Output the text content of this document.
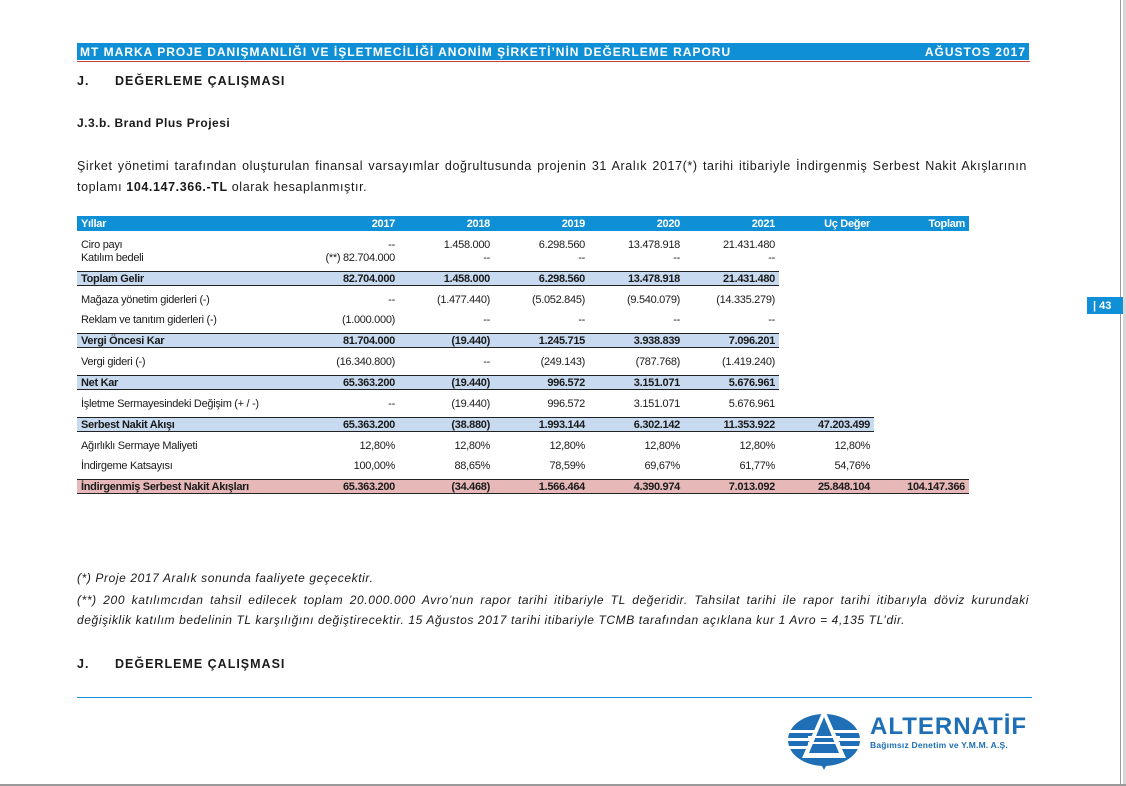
MT MARKA PROJE DANIŞMANLIĞI VE İŞLETMECİLİĞİ ANONİM ŞİRKETİ’NİN DEĞERLEME RAPORU	AĞUSTOS 2017
J. DEĞERLEME ÇALIŞMASI
J.3.b. Brand Plus Projesi
Şirket yönetimi tarafından oluşturulan finansal varsayımlar doğrultusunda projenin 31 Aralık 2017(*) tarihi itibariyle İndirgenmiş Serbest Nakit Akışlarının toplamı 104.147.366.-TL olarak hesaplanmıştır.
Yıllar	2017	2018	2019	2020	2021	Uç Değer	Toplam

Ciro payı	--	1.458.000	6.298.560	13.478.918	21.431.480		
Katılım bedeli	(**) 82.704.000	--	--	--	--		

Toplam Gelir	82.704.000	1.458.000	6.298.560	13.478.918	21.431.480		

Mağaza yönetim giderleri (-)	--	(1.477.440)	(5.052.845)	(9.540.079)	(14.335.279)		

Reklam ve tanıtım giderleri (-)	(1.000.000)	--	--	--	--		

Vergi Öncesi Kar	81.704.000	(19.440)	1.245.715	3.938.839	7.096.201		

Vergi gideri (-)	(16.340.800)	--	(249.143)	(787.768)	(1.419.240)		

Net Kar	65.363.200	(19.440)	996.572	3.151.071	5.676.961		

İşletme Sermayesindeki Değişim (+ / -)	--	(19.440)	996.572	3.151.071	5.676.961		

Serbest Nakit Akışı	65.363.200	(38.880)	1.993.144	6.302.142	11.353.922	47.203.499	

Ağırlıklı Sermaye Maliyeti	12,80%	12,80%	12,80%	12,80%	12,80%	12,80%	

İndirgeme Katsayısı	100,00%	88,65%	78,59%	69,67%	61,77%	54,76%	

İndirgenmiş Serbest Nakit Akışları	65.363.200	(34.468)	1.566.464	4.390.974	7.013.092	25.848.104	104.147.366
(*) Proje 2017 Aralık sonunda faaliyete geçecektir.
(**) 200 katılımcıdan tahsil edilecek toplam 20.000.000 Avro’nun rapor tarihi itibariyle TL değeridir. Tahsilat tarihi ile rapor tarihi itibarıyla döviz kurundaki değişiklik katılım bedelinin TL karşılığını değiştirecektir. 15 Ağustos 2017 tarihi itibariyle TCMB tarafından açıklana kur 1 Avro = 4,135 TL’dir.
J. DEĞERLEME ÇALIŞMASI
| 43
ALTERNATİF
Bağımsız Denetim ve Y.M.M. A.Ş.
